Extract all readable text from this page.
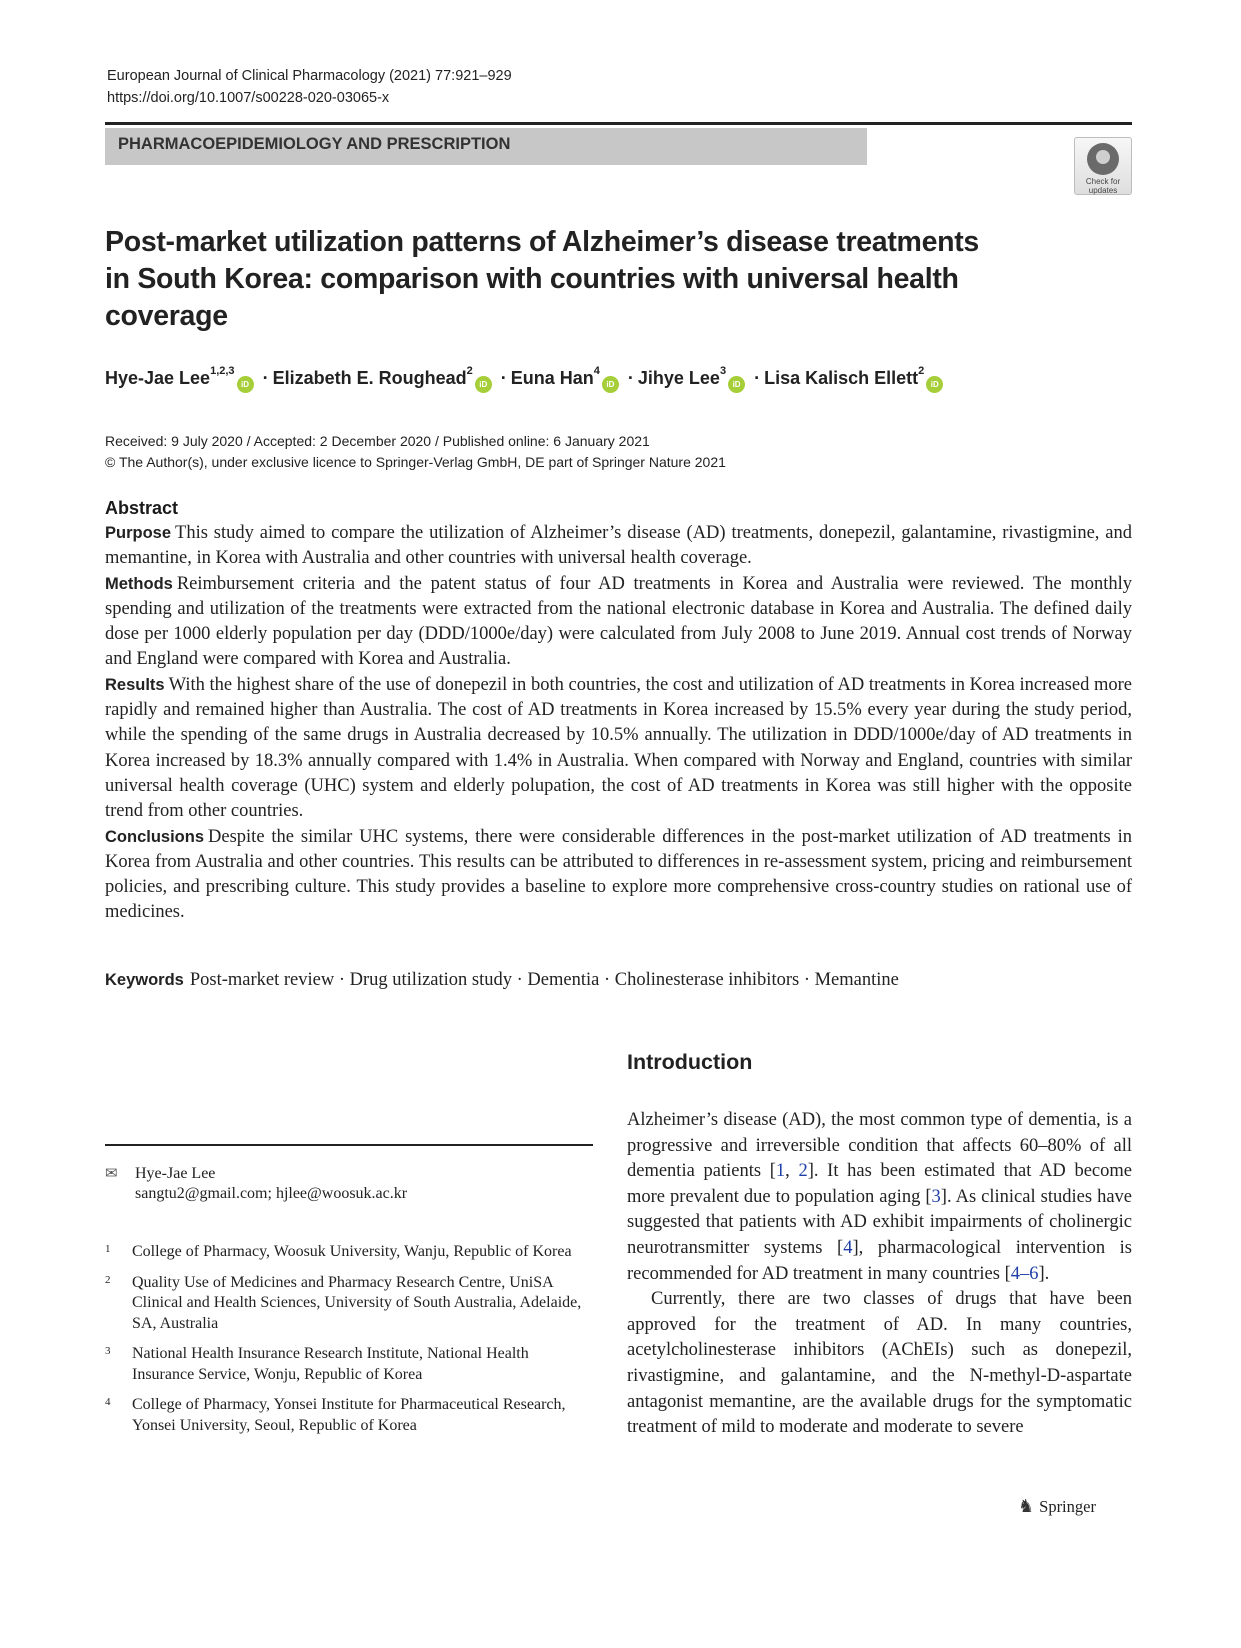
European Journal of Clinical Pharmacology (2021) 77:921–929
https://doi.org/10.1007/s00228-020-03065-x
PHARMACOEPIDEMIOLOGY AND PRESCRIPTION
Check for
updates
Post-market utilization patterns of Alzheimer’s disease treatments in South Korea: comparison with countries with universal health coverage
Hye-Jae Lee$^{1,2,3}$iD · Elizabeth E. Roughead$^2$iD · Euna Han$^4$iD · Jihye Lee$^3$iD · Lisa Kalisch Ellett$^2$iD
Received: 9 July 2020 / Accepted: 2 December 2020 / Published online: 6 January 2021
© The Author(s), under exclusive licence to Springer-Verlag GmbH, DE part of Springer Nature 2021
Abstract

Purpose This study aimed to compare the utilization of Alzheimer’s disease (AD) treatments, donepezil, galantamine, rivastigmine, and memantine, in Korea with Australia and other countries with universal health coverage.

Methods Reimbursement criteria and the patent status of four AD treatments in Korea and Australia were reviewed. The monthly spending and utilization of the treatments were extracted from the national electronic database in Korea and Australia. The defined daily dose per 1000 elderly population per day (DDD/1000e/day) were calculated from July 2008 to June 2019. Annual cost trends of Norway and England were compared with Korea and Australia.

Results With the highest share of the use of donepezil in both countries, the cost and utilization of AD treatments in Korea increased more rapidly and remained higher than Australia. The cost of AD treatments in Korea increased by 15.5% every year during the study period, while the spending of the same drugs in Australia decreased by 10.5% annually. The utilization in DDD/1000e/day of AD treatments in Korea increased by 18.3% annually compared with 1.4% in Australia. When compared with Norway and England, countries with similar universal health coverage (UHC) system and elderly polupation, the cost of AD treatments in Korea was still higher with the opposite trend from other countries.

Conclusions Despite the similar UHC systems, there were considerable differences in the post-market utilization of AD treatments in Korea from Australia and other countries. This results can be attributed to differences in re-assessment system, pricing and reimbursement policies, and prescribing culture. This study provides a baseline to explore more comprehensive cross-country studies on rational use of medicines.

Keywords Post-market review · Drug utilization study · Dementia · Cholinesterase inhibitors · Memantine
Introduction

Alzheimer’s disease (AD), the most common type of dementia, is a progressive and irreversible condition that affects 60–80% of all dementia patients [1, 2]. It has been estimated that AD become more prevalent due to population aging [3]. As clinical studies have suggested that patients with AD exhibit impairments of cholinergic neurotransmitter systems [4], pharmacological intervention is recommended for AD treatment in many countries [4–6].

Currently, there are two classes of drugs that have been approved for the treatment of AD. In many countries, acetylcholinesterase inhibitors (AChEIs) such as donepezil, rivastigmine, and galantamine, and the N-methyl-D-aspartate antagonist memantine, are the available drugs for the symptomatic treatment of mild to moderate and moderate to severe

✉ Hye-Jae Lee
sangtu2@gmail.com; hjlee@woosuk.ac.kr
1 College of Pharmacy, Woosuk University, Wanju, Republic of Korea
2 Quality Use of Medicines and Pharmacy Research Centre, UniSA Clinical and Health Sciences, University of South Australia, Adelaide, SA, Australia
3 National Health Insurance Research Institute, National Health Insurance Service, Wonju, Republic of Korea
4 College of Pharmacy, Yonsei Institute for Pharmaceutical Research, Yonsei University, Seoul, Republic of Korea
♞ Springer
